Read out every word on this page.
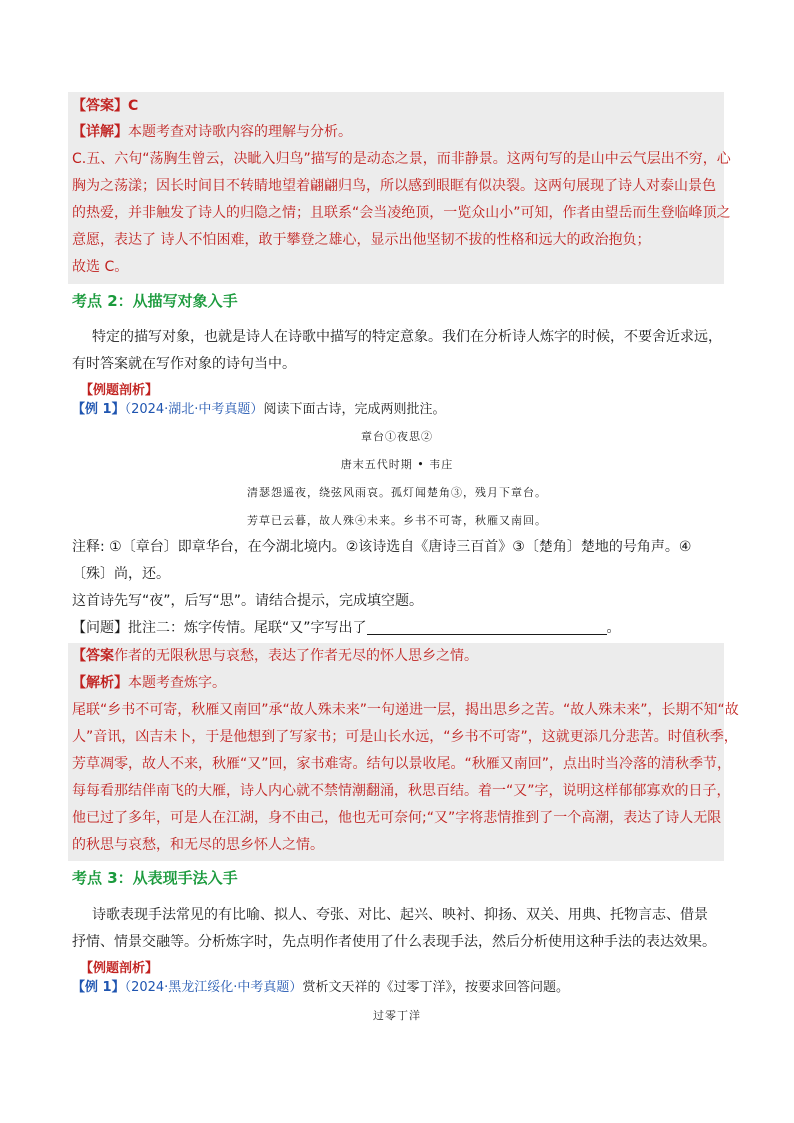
【答案】C
【详解】本题考查对诗歌内容的理解与分析。
C.五、六句“荡胸生曾云，决眦入归鸟”描写的是动态之景，而非静景。这两句写的是山中云气层出不穷，心
胸为之荡漾；因长时间目不转睛地望着翩翩归鸟，所以感到眼眶有似决裂。这两句展现了诗人对泰山景色
的热爱，并非触发了诗人的归隐之情；且联系“会当凌绝顶，一览众山小”可知，作者由望岳而生登临峰顶之
意愿，表达了 诗人不怕困难，敢于攀登之雄心，显示出他坚韧不拔的性格和远大的政治抱负；
故选 C。
考点 2：从描写对象入手
特定的描写对象，也就是诗人在诗歌中描写的特定意象。我们在分析诗人炼字的时候，不要舍近求远，
有时答案就在写作对象的诗句当中。
【例题剖析】
【例 1】（2024·湖北·中考真题）阅读下面古诗，完成两则批注。
章台①夜思②
唐末五代时期 • 韦庄
清瑟怨遥夜，绕弦风雨哀。孤灯闻楚角③，残月下章台。
芳草已云暮，故人殊④未来。乡书不可寄，秋雁又南回。
注释: ①〔章台〕即章华台，在今湖北境内。②该诗选自《唐诗三百首》③〔楚角〕楚地的号角声。④
〔殊〕尚，还。
这首诗先写“夜”，后写“思”。请结合提示，完成填空题。
【问题】批注二：炼字传情。尾联“又”字写出了	。
【答案作者的无限秋思与哀愁，表达了作者无尽的怀人思乡之情。
【解析】本题考查炼字。
尾联“乡书不可寄，秋雁又南回”承“故人殊未来”一句递进一层，揭出思乡之苦。“故人殊未来”，长期不知“故
人”音讯，凶吉未卜，于是他想到了写家书；可是山长水远，“乡书不可寄”，这就更添几分悲苦。时值秋季，
芳草凋零，故人不来，秋雁“又”回，家书难寄。结句以景收尾。“秋雁又南回”，点出时当冷落的清秋季节，
每每看那结伴南飞的大雁，诗人内心就不禁情潮翻涌，秋思百结。着一“又”字，说明这样郁郁寡欢的日子，
他已过了多年，可是人在江湖，身不由己，他也无可奈何;“又”字将悲情推到了一个高潮，表达了诗人无限
的秋思与哀愁，和无尽的思乡怀人之情。
考点 3：从表现手法入手
诗歌表现手法常见的有比喻、拟人、夸张、对比、起兴、映衬、抑扬、双关、用典、托物言志、借景
抒情、情景交融等。分析炼字时，先点明作者使用了什么表现手法，然后分析使用这种手法的表达效果。
【例题剖析】
【例 1】（2024·黑龙江绥化·中考真题）赏析文天祥的《过零丁洋》，按要求回答问题。
过零丁洋
